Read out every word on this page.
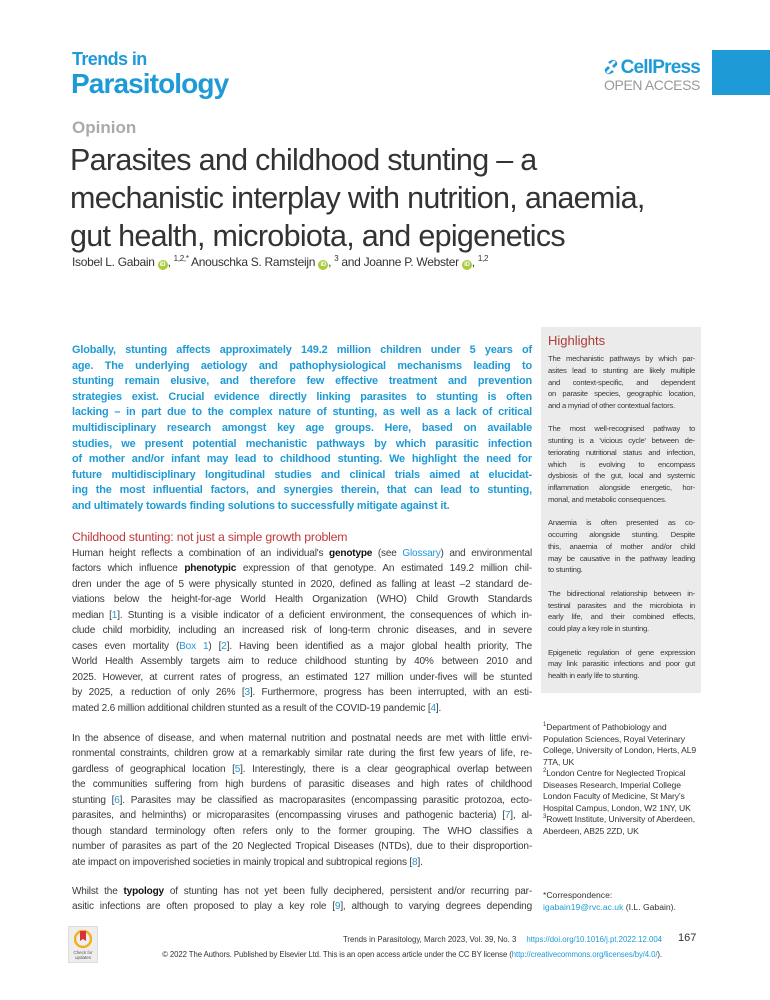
Trends in
Parasitology
CellPress
OPEN ACCESS
Opinion
Parasites and childhood stunting – a
mechanistic interplay with nutrition, anaemia,
gut health, microbiota, and epigenetics
Isobel L. Gabain iD , $^{1,2,*}$ Anouschka S. Ramsteijn iD , $^3$ and Joanne P. Webster iD , $^{1,2}$
Globally, stunting affects approximately 149.2 million children under 5 years of
age. The underlying aetiology and pathophysiological mechanisms leading to
stunting remain elusive, and therefore few effective treatment and prevention
strategies exist. Crucial evidence directly linking parasites to stunting is often
lacking – in part due to the complex nature of stunting, as well as a lack of critical
multidisciplinary research amongst key age groups. Here, based on available
studies, we present potential mechanistic pathways by which parasitic infection
of mother and/or infant may lead to childhood stunting. We highlight the need for
future multidisciplinary longitudinal studies and clinical trials aimed at elucidat-
ing the most influential factors, and synergies therein, that can lead to stunting,
and ultimately towards finding solutions to successfully mitigate against it.
Childhood stunting: not just a simple growth problem
Human height reflects a combination of an individual's genotype (see Glossary) and environmental
factors which influence phenotypic expression of that genotype. An estimated 149.2 million chil-
dren under the age of 5 were physically stunted in 2020, defined as falling at least –2 standard de-
viations below the height-for-age World Health Organization (WHO) Child Growth Standards
median [1]. Stunting is a visible indicator of a deficient environment, the consequences of which in-
clude child morbidity, including an increased risk of long-term chronic diseases, and in severe
cases even mortality (Box 1) [2]. Having been identified as a major global health priority, The
World Health Assembly targets aim to reduce childhood stunting by 40% between 2010 and
2025. However, at current rates of progress, an estimated 127 million under-fives will be stunted
by 2025, a reduction of only 26% [3]. Furthermore, progress has been interrupted, with an esti-
mated 2.6 million additional children stunted as a result of the COVID-19 pandemic [4].
In the absence of disease, and when maternal nutrition and postnatal needs are met with little envi-
ronmental constraints, children grow at a remarkably similar rate during the first few years of life, re-
gardless of geographical location [5]. Interestingly, there is a clear geographical overlap between
the communities suffering from high burdens of parasitic diseases and high rates of childhood
stunting [6]. Parasites may be classified as macroparasites (encompassing parasitic protozoa, ecto-
parasites, and helminths) or microparasites (encompassing viruses and pathogenic bacteria) [7], al-
though standard terminology often refers only to the former grouping. The WHO classifies a
number of parasites as part of the 20 Neglected Tropical Diseases (NTDs), due to their disproportion-
ate impact on impoverished societies in mainly tropical and subtropical regions [8].
Whilst the typology of stunting has not yet been fully deciphered, persistent and/or recurring par-
asitic infections are often proposed to play a key role [9], although to varying degrees depending
Highlights
The mechanistic pathways by which par-
asites lead to stunting are likely multiple
and context-specific, and dependent
on parasite species, geographic location,
and a myriad of other contextual factors.
The most well-recognised pathway to
stunting is a 'vicious cycle' between de-
teriorating nutritional status and infection,
which is evolving to encompass
dysbiosis of the gut, local and systemic
inflammation alongside energetic, hor-
monal, and metabolic consequences.
Anaemia is often presented as co-
occurring alongside stunting. Despite
this, anaemia of mother and/or child
may be causative in the pathway leading
to stunting.
The bidirectional relationship between in-
testinal parasites and the microbiota in
early life, and their combined effects,
could play a key role in stunting.
Epigenetic regulation of gene expression
may link parasitic infections and poor gut
health in early life to stunting.
$^1$Department of Pathobiology and Population Sciences, Royal Veterinary College, University of London, Herts, AL9 7TA, UK
$^2$London Centre for Neglected Tropical Diseases Research, Imperial College London Faculty of Medicine, St Mary's Hospital Campus, London, W2 1NY, UK
$^3$Rowett Institute, University of Aberdeen, Aberdeen, AB25 2ZD, UK
*Correspondence:
igabain19@rvc.ac.uk (I.L. Gabain).
Check for updates
Trends in Parasitology, March 2023, Vol. 39, No. 3 https://doi.org/10.1016/j.pt.2022.12.004 167
© 2022 The Authors. Published by Elsevier Ltd. This is an open access article under the CC BY license (http://creativecommons.org/licenses/by/4.0/).
